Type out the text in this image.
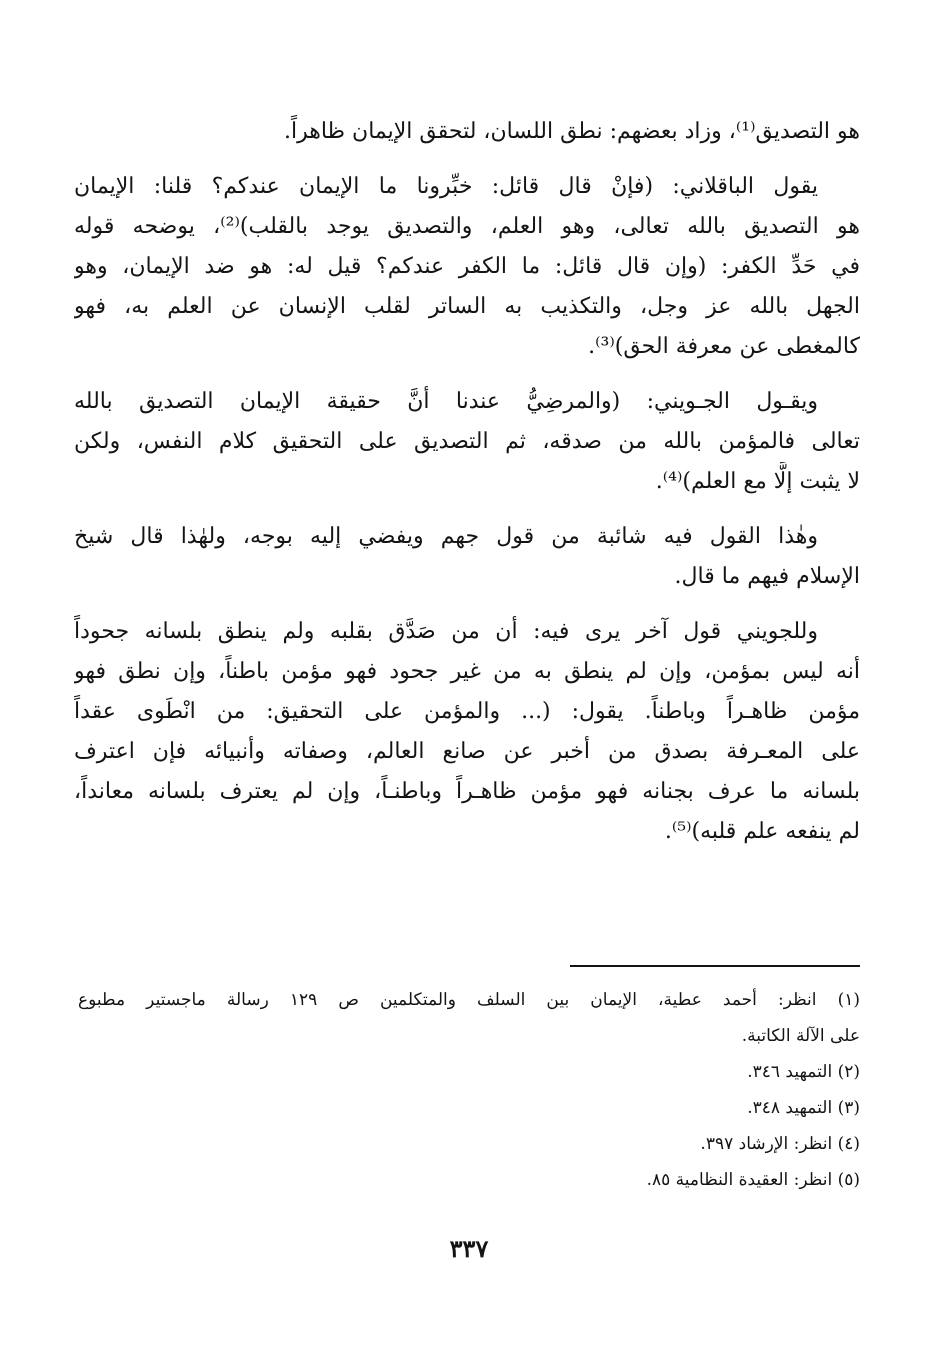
هو التصديق⁽¹⁾، وزاد بعضهم: نطق اللسان، لتحقق الإيمان ظاهراً.
يقول الباقلاني: (فإنْ قال قائل: خبِّرونا ما الإيمان عندكم؟ قلنا: الإيمان
هو التصديق بالله تعالى، وهو العلم، والتصديق يوجد بالقلب)⁽²⁾، يوضحه قوله
في حَدِّ الكفر: (وإن قال قائل: ما الكفر عندكم؟ قيل له: هو ضد الإيمان، وهو
الجهل بالله عز وجل، والتكذيب به الساتر لقلب الإنسان عن العلم به، فهو
كالمغطى عن معرفة الحق)⁽³⁾.
ويقـول الجـويني: (والمرضِيُّ عندنا أنَّ حقيقة الإيمان التصديق بالله
تعالى فالمؤمن بالله من صدقه، ثم التصديق على التحقيق كلام النفس، ولكن
لا يثبت إلَّا مع العلم)⁽⁴⁾.
وهٰذا القول فيه شائبة من قول جهم ويفضي إليه بوجه، ولهٰذا قال شيخ
الإسلام فيهم ما قال.
وللجويني قول آخر يرى فيه: أن من صَدَّق بقلبه ولم ينطق بلسانه جحوداً
أنه ليس بمؤمن، وإن لم ينطق به من غير جحود فهو مؤمن باطناً، وإن نطق فهو
مؤمن ظاهـراً وباطناً. يقول: (... والمؤمن على التحقيق: من انْطَوى عقداً
على المعـرفة بصدق من أخبر عن صانع العالم، وصفاته وأنبيائه فإن اعترف
بلسانه ما عرف بجنانه فهو مؤمن ظاهـراً وباطنـاً، وإن لم يعترف بلسانه معانداً،
لم ينفعه علم قلبه)⁽⁵⁾.
(١) انظر: أحمد عطية، الإيمان بين السلف والمتكلمين ص ١٢٩ رسالة ماجستير مطبوع
على الآلة الكاتبة.
(٢) التمهيد ٣٤٦.
(٣) التمهيد ٣٤٨.
(٤) انظر: الإرشاد ٣٩٧.
(٥) انظر: العقيدة النظامية ٨٥.
٣٣٧
